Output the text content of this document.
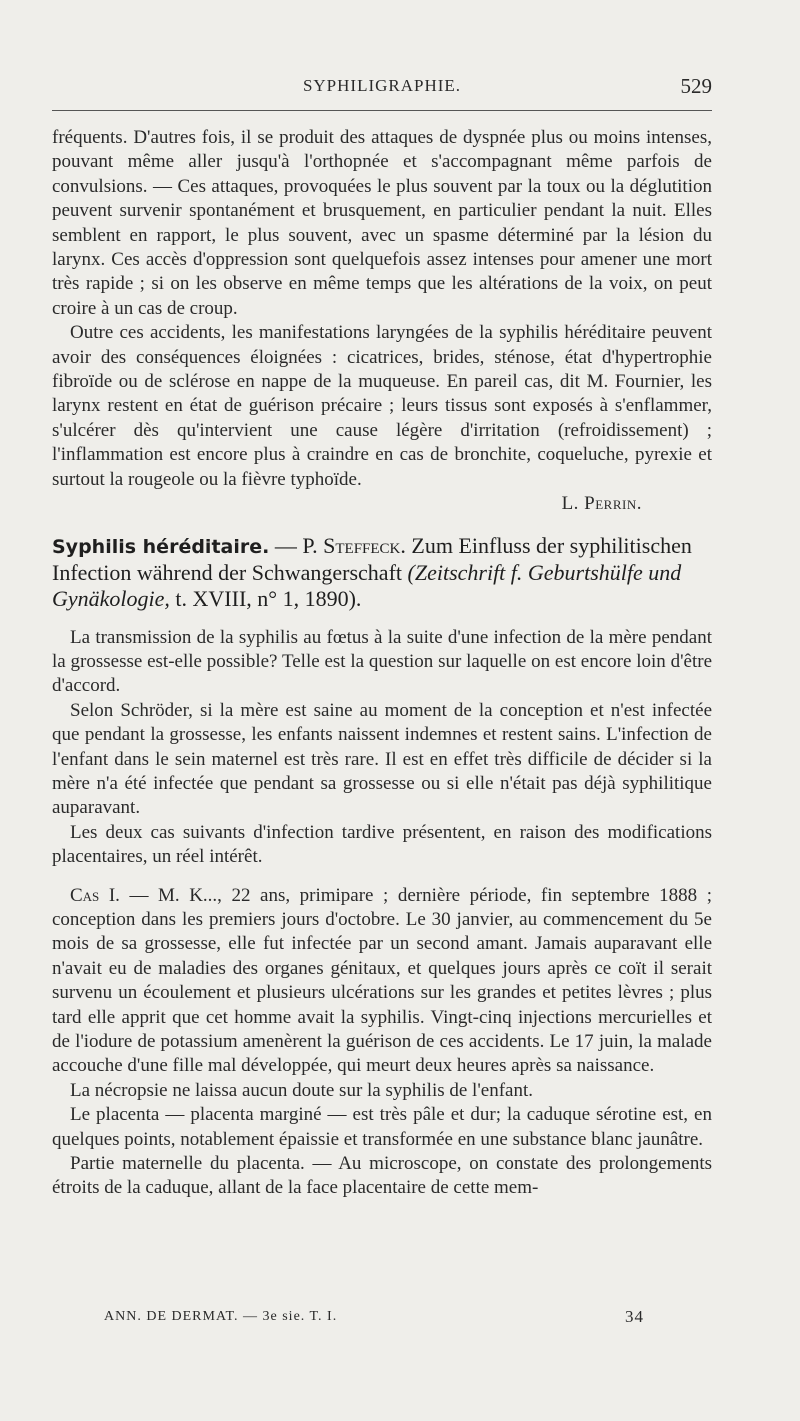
SYPHILIGRAPHIE.	529

fréquents. D'autres fois, il se produit des attaques de dyspnée plus ou moins intenses, pouvant même aller jusqu'à l'orthopnée et s'accompagnant même parfois de convulsions. — Ces attaques, provoquées le plus souvent par la toux ou la déglutition peuvent survenir spontanément et brusquement, en particulier pendant la nuit. Elles semblent en rapport, le plus souvent, avec un spasme déterminé par la lésion du larynx. Ces accès d'oppression sont quelquefois assez intenses pour amener une mort très rapide ; si on les observe en même temps que les altérations de la voix, on peut croire à un cas de croup.

Outre ces accidents, les manifestations laryngées de la syphilis héréditaire peuvent avoir des conséquences éloignées : cicatrices, brides, sténose, état d'hypertrophie fibroïde ou de sclérose en nappe de la muqueuse. En pareil cas, dit M. Fournier, les larynx restent en état de guérison précaire ; leurs tissus sont exposés à s'enflammer, s'ulcérer dès qu'intervient une cause légère d'irritation (refroidissement) ; l'inflammation est encore plus à craindre en cas de bronchite, coqueluche, pyrexie et surtout la rougeole ou la fièvre typhoïde.

L. Perrin.
Syphilis héréditaire. — P. Steffeck. Zum Einfluss der syphilitischen Infection während der Schwangerschaft (Zeitschrift f. Geburtshülfe und Gynäkologie, t. XVIII, n° 1, 1890).

La transmission de la syphilis au fœtus à la suite d'une infection de la mère pendant la grossesse est-elle possible? Telle est la question sur laquelle on est encore loin d'être d'accord.

Selon Schröder, si la mère est saine au moment de la conception et n'est infectée que pendant la grossesse, les enfants naissent indemnes et restent sains. L'infection de l'enfant dans le sein maternel est très rare. Il est en effet très difficile de décider si la mère n'a été infectée que pendant sa grossesse ou si elle n'était pas déjà syphilitique auparavant.

Les deux cas suivants d'infection tardive présentent, en raison des modifications placentaires, un réel intérêt.

Cas I. — M. K..., 22 ans, primipare ; dernière période, fin septembre 1888 ; conception dans les premiers jours d'octobre. Le 30 janvier, au commencement du 5e mois de sa grossesse, elle fut infectée par un second amant. Jamais auparavant elle n'avait eu de maladies des organes génitaux, et quelques jours après ce coït il serait survenu un écoulement et plusieurs ulcérations sur les grandes et petites lèvres ; plus tard elle apprit que cet homme avait la syphilis. Vingt-cinq injections mercurielles et de l'iodure de potassium amenèrent la guérison de ces accidents. Le 17 juin, la malade accouche d'une fille mal développée, qui meurt deux heures après sa naissance.

La nécropsie ne laissa aucun doute sur la syphilis de l'enfant.

Le placenta — placenta marginé — est très pâle et dur; la caduque sérotine est, en quelques points, notablement épaissie et transformée en une substance blanc jaunâtre.

Partie maternelle du placenta. — Au microscope, on constate des prolongements étroits de la caduque, allant de la face placentaire de cette mem-

ANN. DE DERMAT. — 3e sie. T. I.	34
